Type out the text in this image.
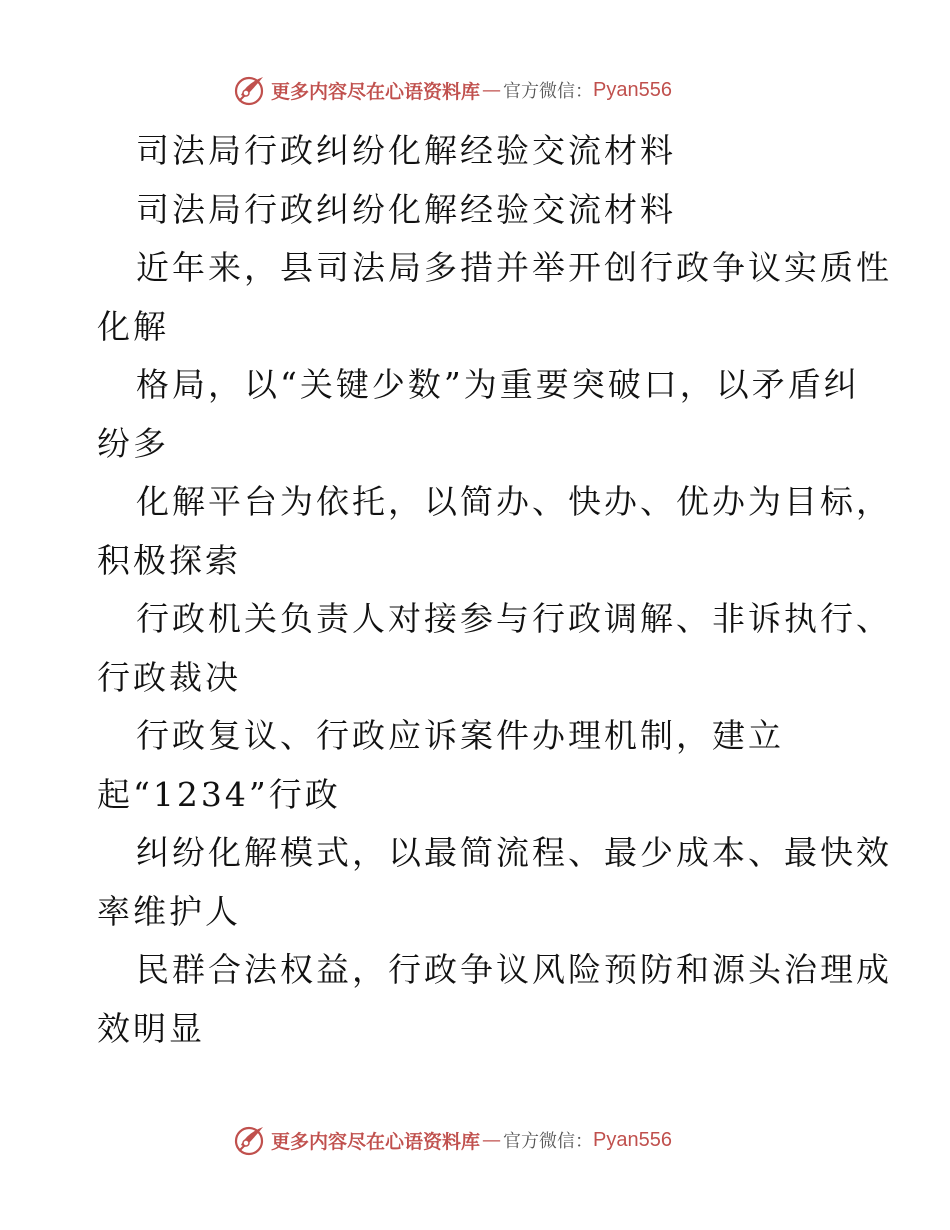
更多内容尽在心语资料库 — 官方微信： Pyan556
司法局行政纠纷化解经验交流材料
司法局行政纠纷化解经验交流材料
近年来，县司法局多措并举开创行政争议实质性
化解
格局，以“关键少数”为重要突破口，以矛盾纠
纷多
化解平台为依托，以简办、快办、优办为目标，
积极探索
行政机关负责人对接参与行政调解、非诉执行、
行政裁决
行政复议、行政应诉案件办理机制，建立
起“1234”行政
纠纷化解模式，以最简流程、最少成本、最快效
率维护人
民群合法权益，行政争议风险预防和源头治理成
效明显
更多内容尽在心语资料库 — 官方微信： Pyan556
